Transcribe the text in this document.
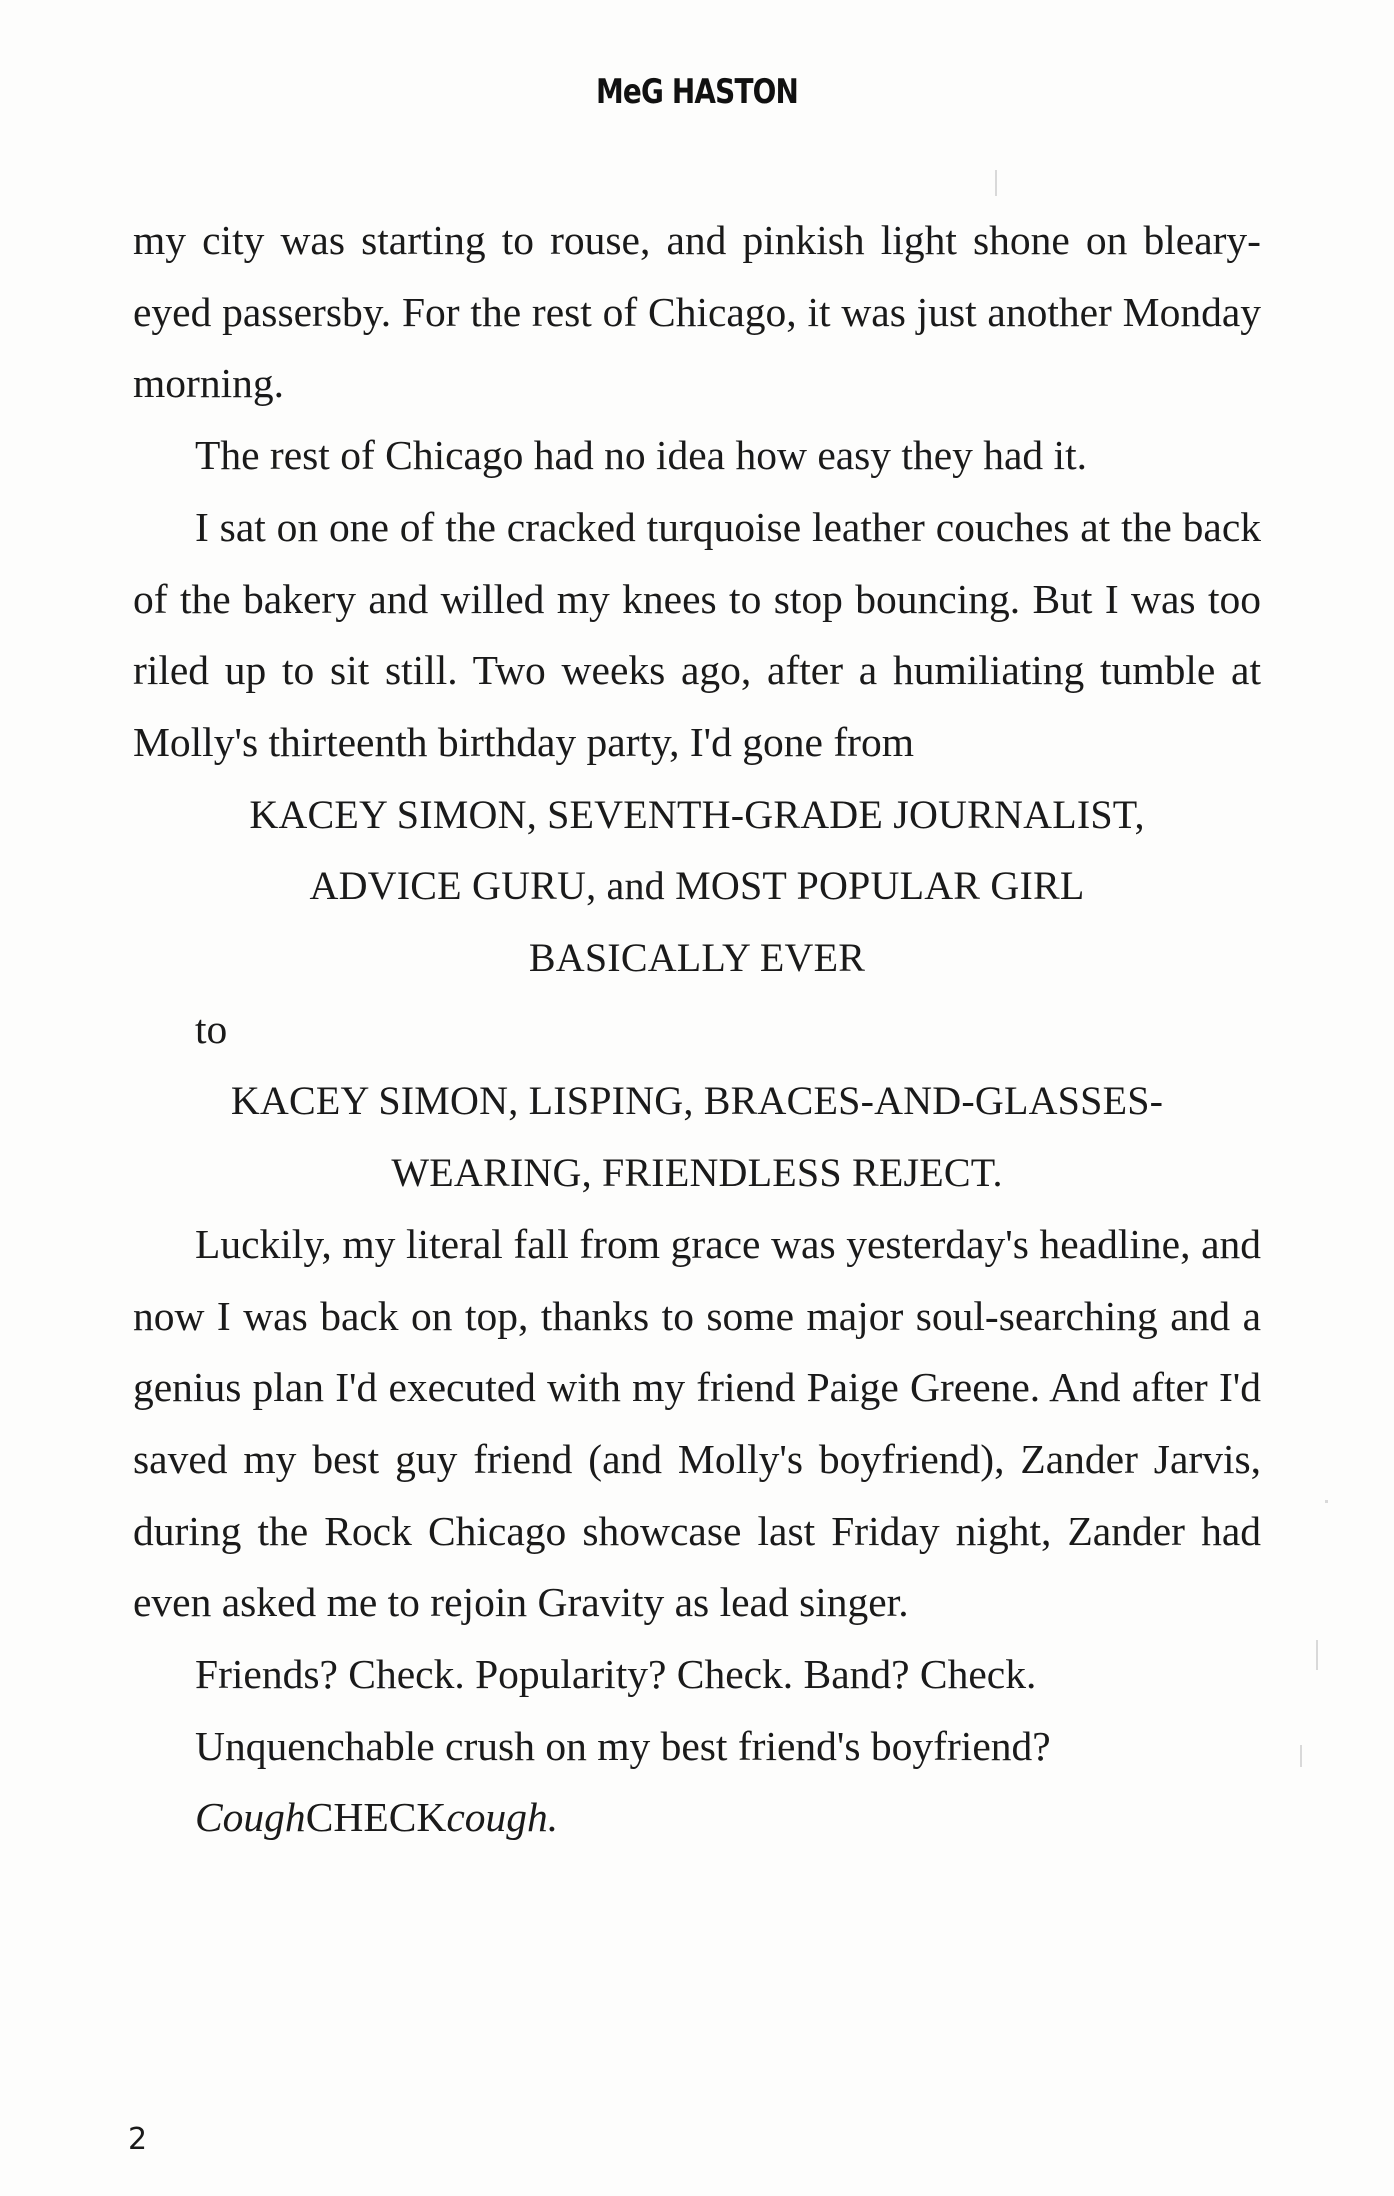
MeG HASTON

my city was starting to rouse, and pinkish light shone on bleary-eyed passersby. For the rest of Chicago, it was just another Monday morning.

The rest of Chicago had no idea how easy they had it.

I sat on one of the cracked turquoise leather couches at the back of the bakery and willed my knees to stop bouncing. But I was too riled up to sit still. Two weeks ago, after a humiliating tumble at Molly's thirteenth birthday party, I'd gone from

KACEY SIMON, SEVENTH-GRADE JOURNALIST,

ADVICE GURU, and MOST POPULAR GIRL

BASICALLY EVER

to

KACEY SIMON, LISPING, BRACES-AND-GLASSES-

WEARING, FRIENDLESS REJECT.

Luckily, my literal fall from grace was yesterday's headline, and now I was back on top, thanks to some major soul-searching and a genius plan I'd executed with my friend Paige Greene. And after I'd saved my best guy friend (and Molly's boyfriend), Zander Jarvis, during the Rock Chicago showcase last Friday night, Zander had even asked me to rejoin Gravity as lead singer.

Friends? Check. Popularity? Check. Band? Check.

Unquenchable crush on my best friend's boyfriend?

CoughCHECKcough.

2
